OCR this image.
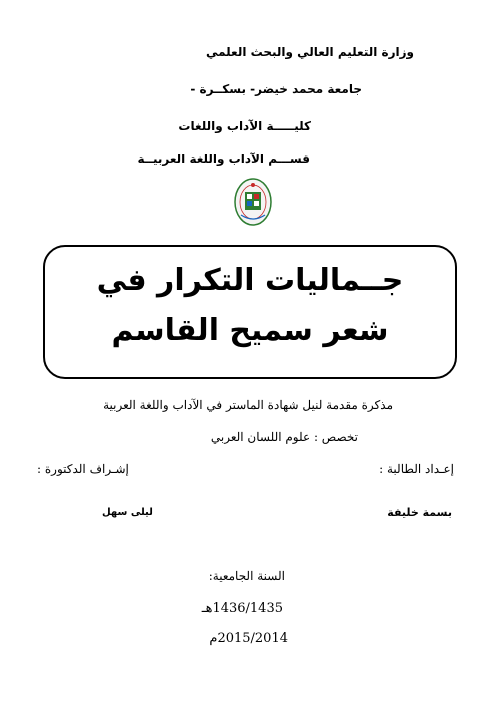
وزارة التعليم العالي والبحث العلمي
جامعة محمد خيضر- بسكــرة -
كليـــــة الآداب واللغات
قســـم الآداب واللغة العربيــة
جــماليات التكرار في
شعر سميح القاسم
مذكرة مقدمة لنيل شهادة الماستر في الآداب واللغة العربية
تخصص : علوم اللسان العربي
إعـداد الطالبة :
إشـراف الدكتورة :
بسمة خليفة
ليلى سهل
السنة الجامعية:
1436/1435هـ
2015/2014م
